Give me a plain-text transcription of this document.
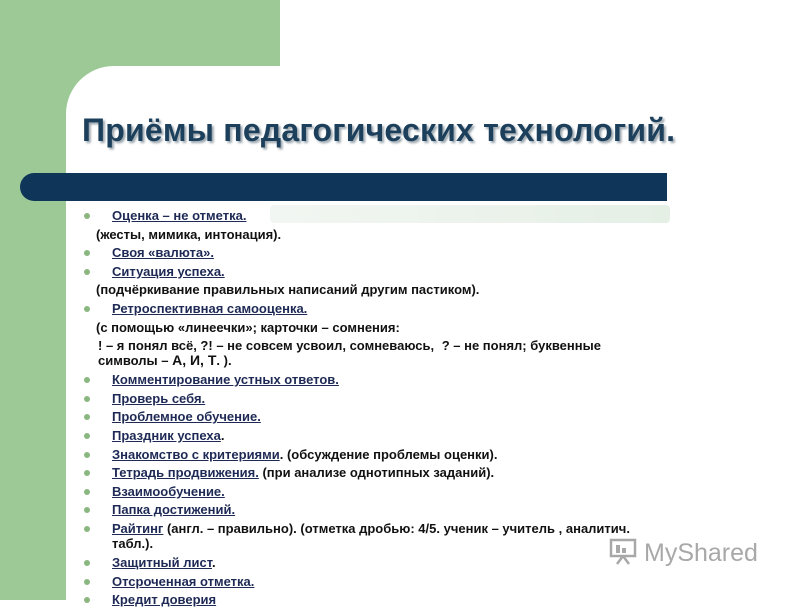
Приёмы педагогических технологий.
Оценка – не отметка.
(жесты, мимика, интонация).
Своя «валюта».
Ситуация успеха.
(подчёркивание правильных написаний другим пастиком).
Ретроспективная самооценка.
(с помощью «линеечки»; карточки – сомнения:
! – я понял всё, ?! – не совсем усвоил, сомневаюсь, ? – не понял; буквенные
символы – А, И, Т. ).
Комментирование устных ответов.
Проверь себя.
Проблемное обучение.
Праздник успеха.
Знакомство с критериями. (обсуждение проблемы оценки).
Тетрадь продвижения. (при анализе однотипных заданий).
Взаимообучение.
Папка достижений.
Райтинг (англ. – правильно). (отметка дробью: 4/5. ученик – учитель , аналитич.
табл.).
Защитный лист.
Отсроченная отметка.
Кредит доверия
MyShared
